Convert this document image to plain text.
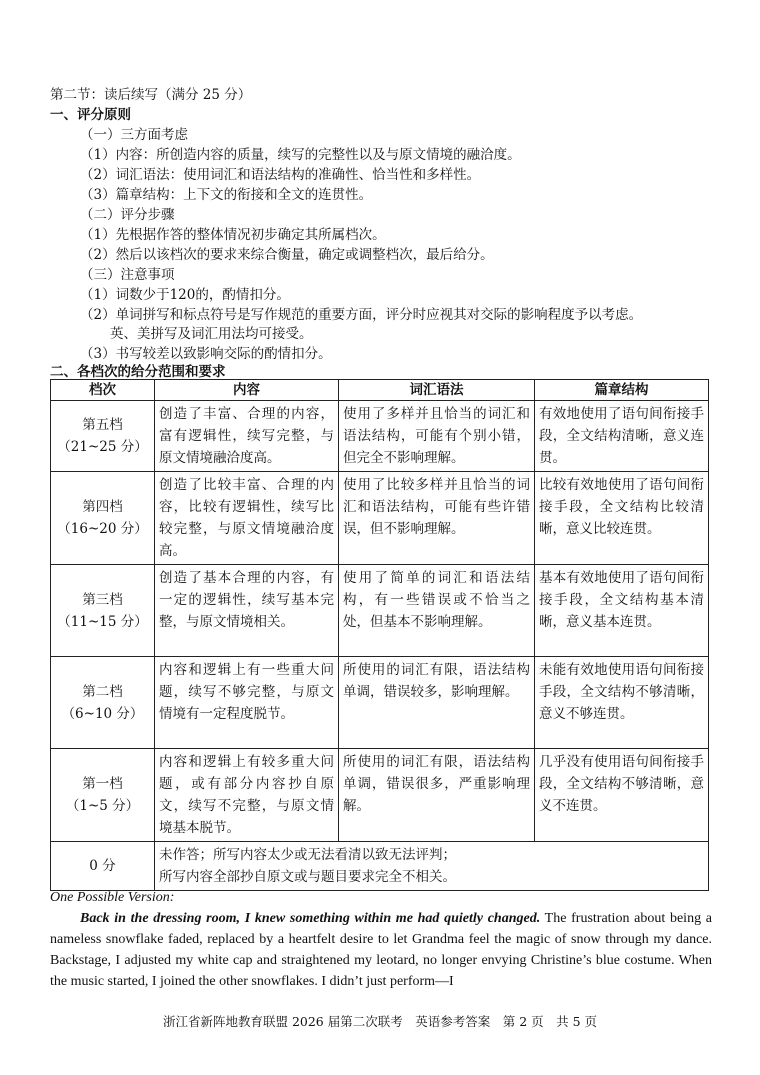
第二节：读后续写（满分 25 分）
一、评分原则
（一）三方面考虑
（1）内容：所创造内容的质量，续写的完整性以及与原文情境的融洽度。
（2）词汇语法：使用词汇和语法结构的准确性、恰当性和多样性。
（3）篇章结构：上下文的衔接和全文的连贯性。
（二）评分步骤
（1）先根据作答的整体情况初步确定其所属档次。
（2）然后以该档次的要求来综合衡量，确定或调整档次，最后给分。
（三）注意事项
（1）词数少于120的，酌情扣分。
（2）单词拼写和标点符号是写作规范的重要方面，评分时应视其对交际的影响程度予以考虑。
英、美拼写及词汇用法均可接受。
（3）书写较差以致影响交际的酌情扣分。
二、各档次的给分范围和要求
档次	内容	词汇语法	篇章结构

第五档
（21~25 分）	创造了丰富、合理的内容，富有逻辑性，续写完整，与原文情境融洽度高。	使用了多样并且恰当的词汇和语法结构，可能有个别小错，但完全不影响理解。	有效地使用了语句间衔接手段，全文结构清晰，意义连贯。

第四档
（16~20 分）	创造了比较丰富、合理的内容，比较有逻辑性，续写比较完整，与原文情境融洽度高。	使用了比较多样并且恰当的词汇和语法结构，可能有些许错误，但不影响理解。	比较有效地使用了语句间衔接手段，全文结构比较清晰，意义比较连贯。

第三档
（11~15 分）	创造了基本合理的内容，有一定的逻辑性，续写基本完整，与原文情境相关。	使用了简单的词汇和语法结构，有一些错误或不恰当之处，但基本不影响理解。	基本有效地使用了语句间衔接手段，全文结构基本清晰，意义基本连贯。

第二档
（6~10 分）	内容和逻辑上有一些重大问题，续写不够完整，与原文情境有一定程度脱节。	所使用的词汇有限，语法结构单调，错误较多，影响理解。	未能有效地使用语句间衔接手段，全文结构不够清晰，意义不够连贯。

第一档
（1~5 分）	内容和逻辑上有较多重大问题，或有部分内容抄自原文，续写不完整，与原文情境基本脱节。	所使用的词汇有限，语法结构单调，错误很多，严重影响理解。	几乎没有使用语句间衔接手段，全文结构不够清晰，意义不连贯。
0 分	未作答；所写内容太少或无法看清以致无法评判；
所写内容全部抄自原文或与题目要求完全不相关。		
One Possible Version:
Back in the dressing room, I knew something within me had quietly changed. The frustration about being a nameless snowflake faded, replaced by a heartfelt desire to let Grandma feel the magic of snow through my dance. Backstage, I adjusted my white cap and straightened my leotard, no longer envying Christine’s blue costume. When the music started, I joined the other snowflakes. I didn’t just perform—I
浙江省新阵地教育联盟 2026 届第二次联考　英语参考答案　第 2 页　共 5 页
